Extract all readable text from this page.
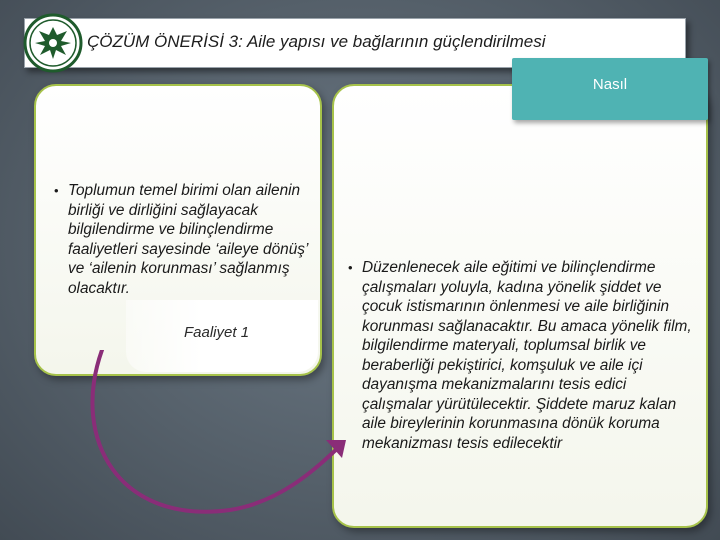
ÇÖZÜM ÖNERİSİ 3: Aile yapısı ve bağlarının güçlendirilmesi
Nasıl
• Toplumun temel birimi olan ailenin birliği ve dirliğini sağlayacak bilgilendirme ve bilinçlendirme faaliyetleri sayesinde ‘aileye dönüş’ ve ‘ailenin korunması’ sağlanmış olacaktır.
Faaliyet 1
• Düzenlenecek aile eğitimi ve bilinçlendirme çalışmaları yoluyla, kadına yönelik şiddet ve çocuk istismarının önlenmesi ve aile birliğinin korunması sağlanacaktır. Bu amaca yönelik film, bilgilendirme materyali, toplumsal birlik ve beraberliği pekiştirici, komşuluk ve aile içi dayanışma mekanizmalarını tesis edici çalışmalar yürütülecektir. Şiddete maruz kalan aile bireylerinin korunmasına dönük koruma mekanizması tesis edilecektir
